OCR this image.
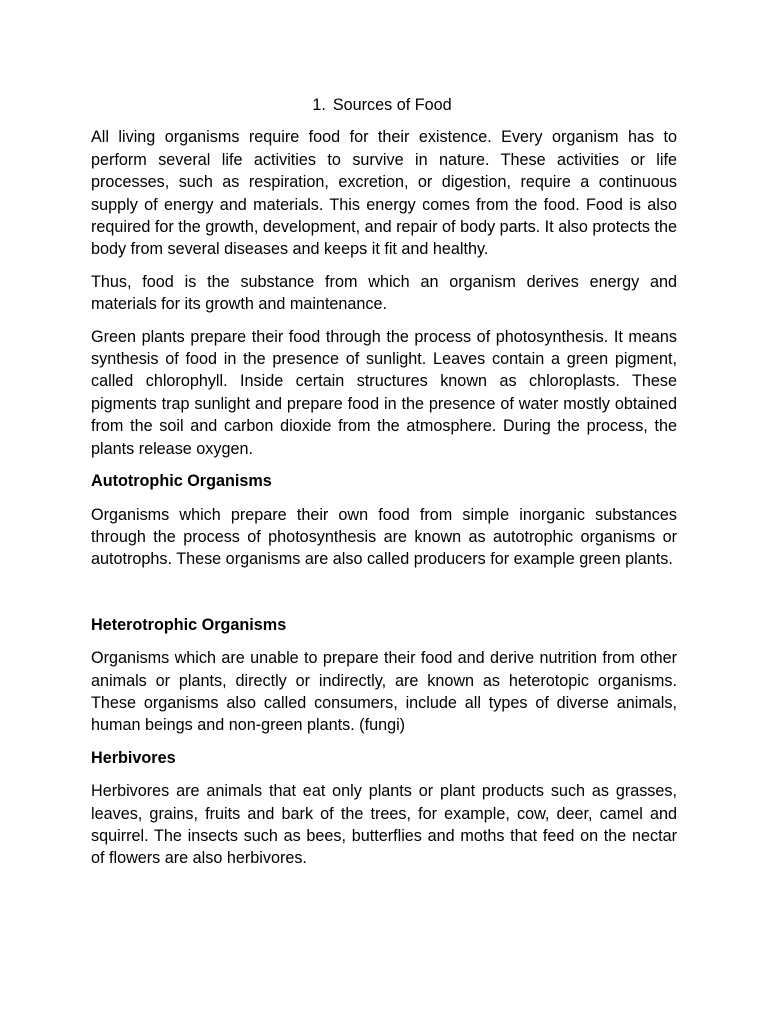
1. Sources of Food

All living organisms require food for their existence. Every organism has to perform several life activities to survive in nature. These activities or life processes, such as respiration, excretion, or digestion, require a continuous supply of energy and materials. This energy comes from the food. Food is also required for the growth, development, and repair of body parts. It also protects the body from several diseases and keeps it fit and healthy.

Thus, food is the substance from which an organism derives energy and materials for its growth and maintenance.

Green plants prepare their food through the process of photosynthesis. It means synthesis of food in the presence of sunlight. Leaves contain a green pigment, called chlorophyll. Inside certain structures known as chloroplasts. These pigments trap sunlight and prepare food in the presence of water mostly obtained from the soil and carbon dioxide from the atmosphere. During the process, the plants release oxygen.

Autotrophic Organisms

Organisms which prepare their own food from simple inorganic substances through the process of photosynthesis are known as autotrophic organisms or autotrophs. These organisms are also called producers for example green plants.

Heterotrophic Organisms

Organisms which are unable to prepare their food and derive nutrition from other animals or plants, directly or indirectly, are known as heterotopic organisms. These organisms also called consumers, include all types of diverse animals, human beings and non-green plants. (fungi)

Herbivores

Herbivores are animals that eat only plants or plant products such as grasses, leaves, grains, fruits and bark of the trees, for example, cow, deer, camel and squirrel. The insects such as bees, butterflies and moths that feed on the nectar of flowers are also herbivores.
